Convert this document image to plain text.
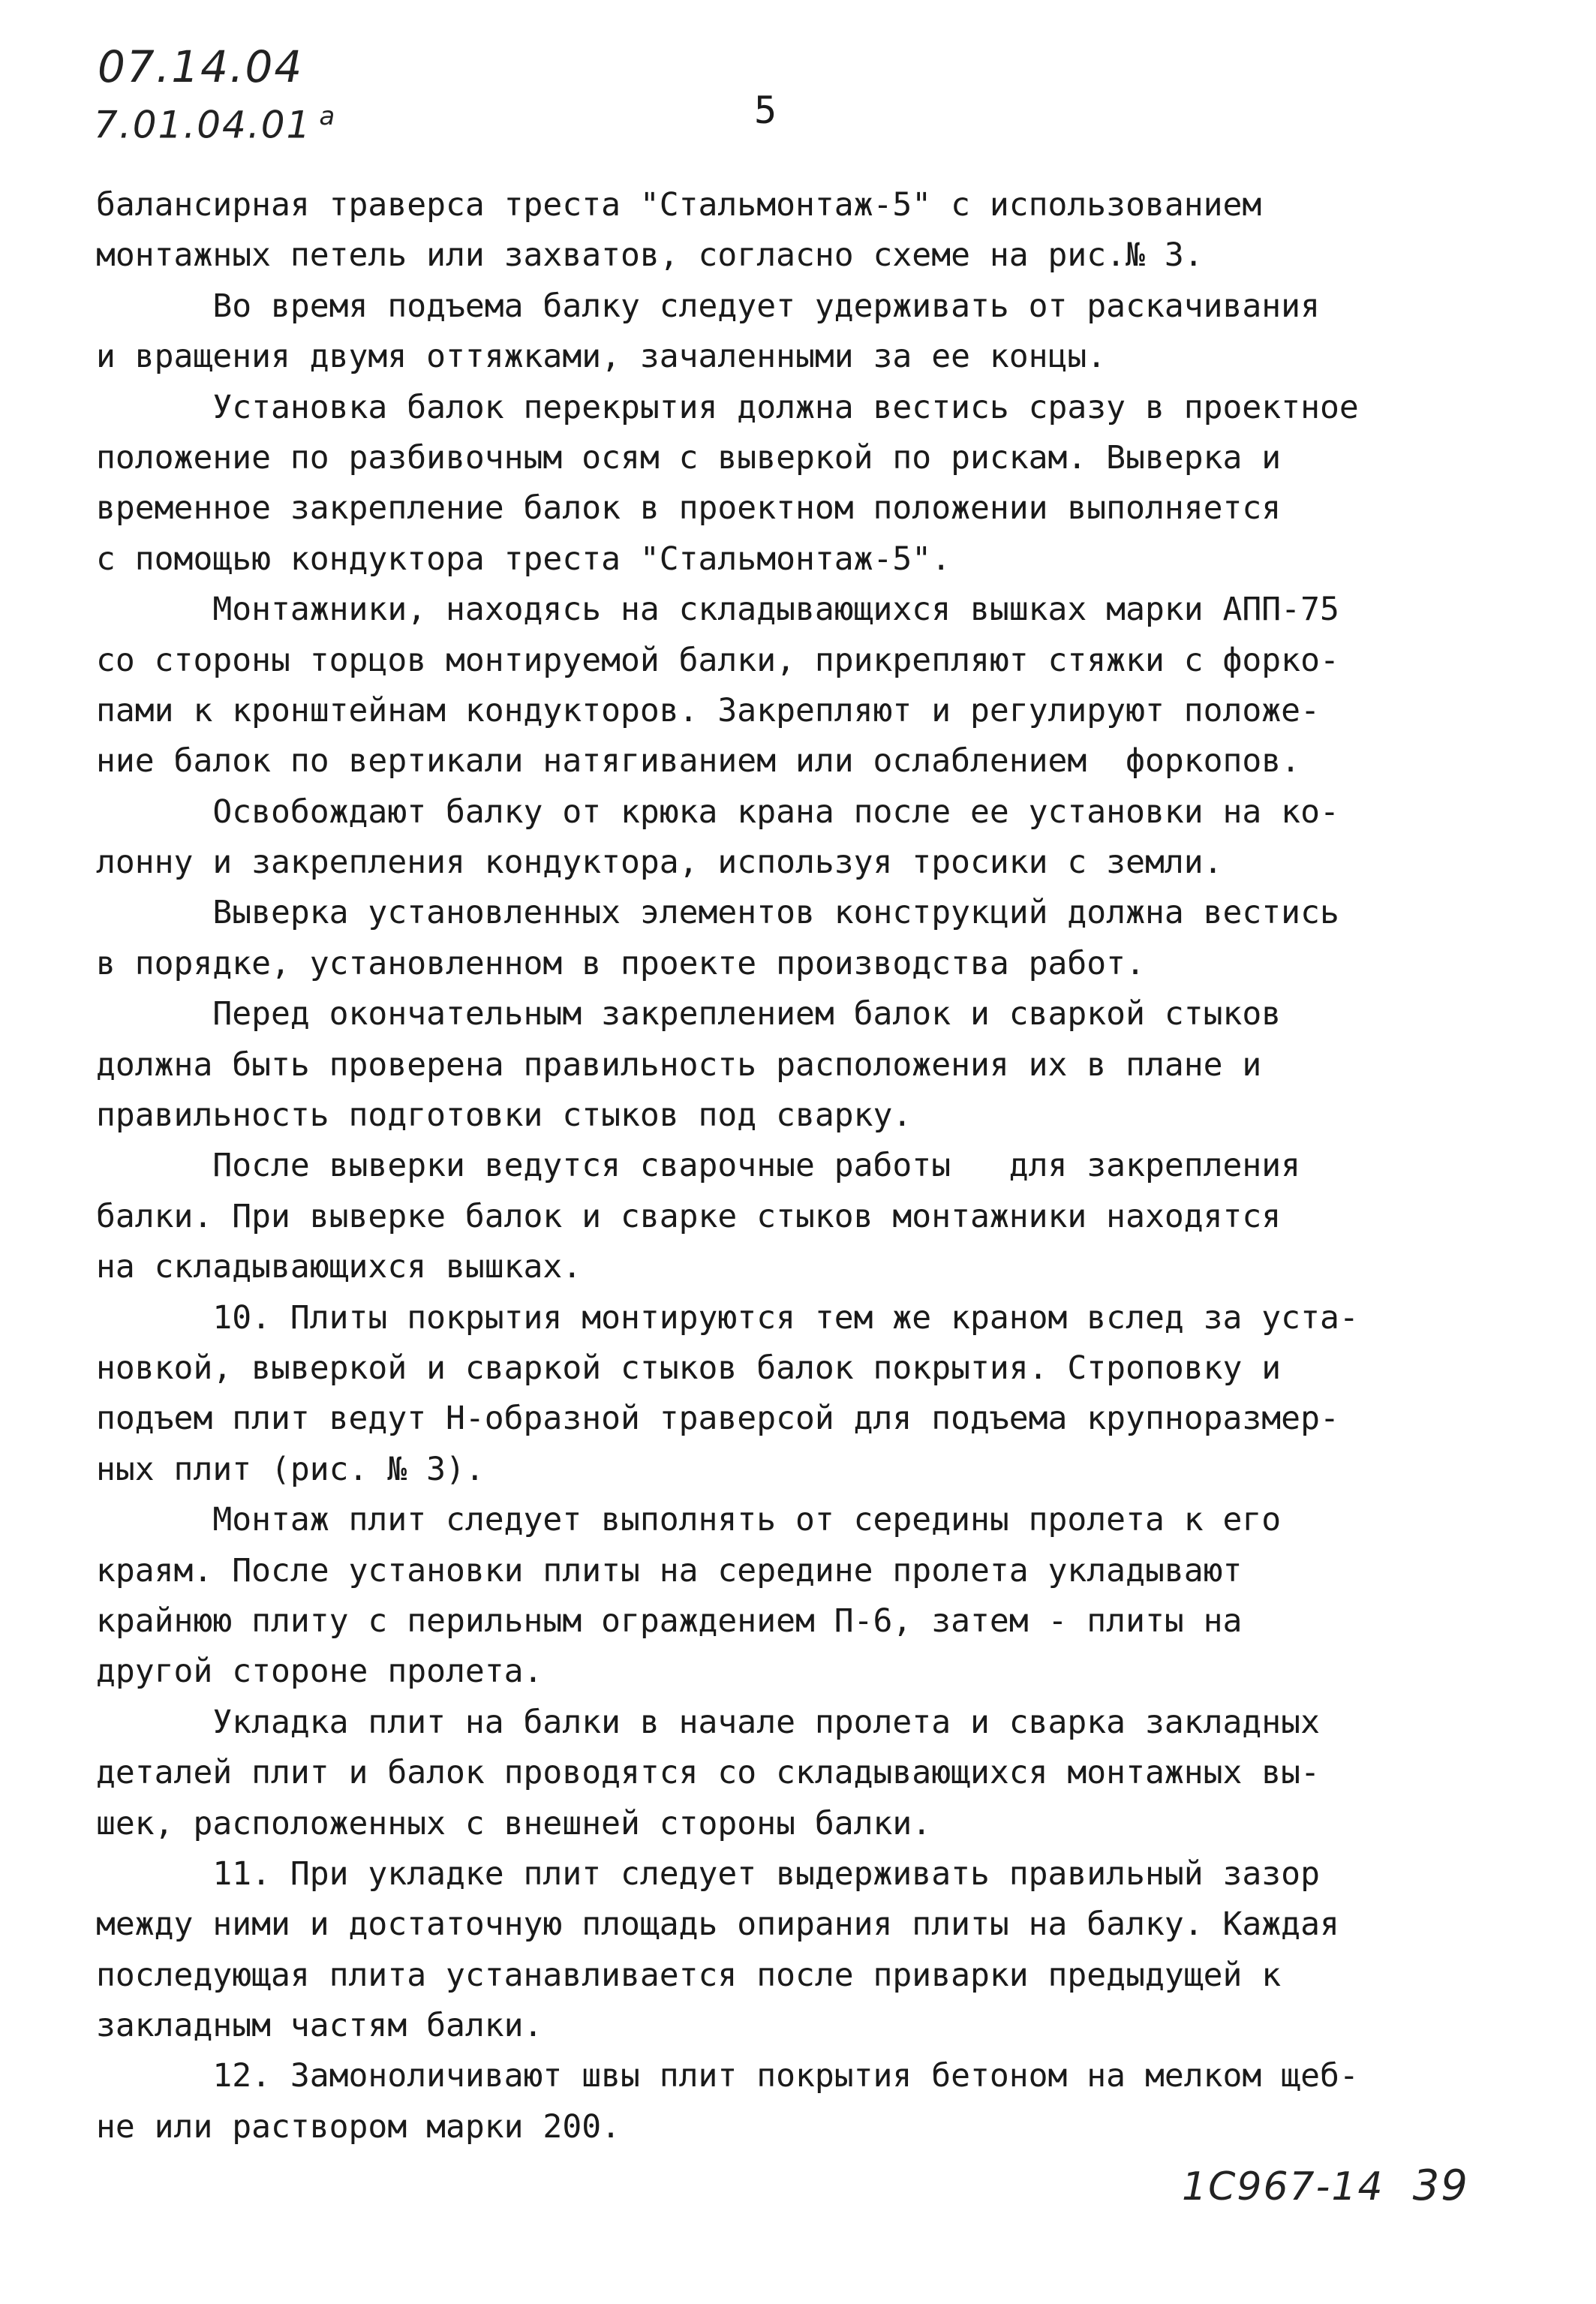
07.14.04
7.01.04.01 $^а$	5
балансирная траверса треста "Стальмонтаж-5" с использованием
монтажных петель или захватов, согласно схеме на рис.№ 3.
Во время подъема балку следует удерживать от раскачивания
и вращения двумя оттяжками, зачаленными за ее концы.
Установка балок перекрытия должна вестись сразу в проектное
положение по разбивочным осям с выверкой по рискам. Выверка и
временное закрепление балок в проектном положении выполняется
с помощью кондуктора треста "Стальмонтаж-5".
Монтажники, находясь на складывающихся вышках марки АПП-75
со стороны торцов монтируемой балки, прикрепляют стяжки с форко-
пами к кронштейнам кондукторов. Закрепляют и регулируют положе-
ние балок по вертикали натягиванием или ослаблением  форкопов.
Освобождают балку от крюка крана после ее установки на ко-
лонну и закрепления кондуктора, используя тросики с земли.
Выверка установленных элементов конструкций должна вестись
в порядке, установленном в проекте производства работ.
Перед окончательным закреплением балок и сваркой стыков
должна быть проверена правильность расположения их в плане и
правильность подготовки стыков под сварку.
После выверки ведутся сварочные работы   для закрепления
балки. При выверке балок и сварке стыков монтажники находятся
на складывающихся вышках.
10. Плиты покрытия монтируются тем же краном вслед за уста-
новкой, выверкой и сваркой стыков балок покрытия. Строповку и
подъем плит ведут Н-образной траверсой для подъема крупноразмер-
ных плит (рис. № 3).
Монтаж плит следует выполнять от середины пролета к его
краям. После установки плиты на середине пролета укладывают
крайнюю плиту с перильным ограждением П-6, затем - плиты на
другой стороне пролета.
Укладка плит на балки в начале пролета и сварка закладных
деталей плит и балок проводятся со складывающихся монтажных вы-
шек, расположенных с внешней стороны балки.
11. При укладке плит следует выдерживать правильный зазор
между ними и достаточную площадь опирания плиты на балку. Каждая
последующая плита устанавливается после приварки предыдущей к
закладным частям балки.
12. Замоноличивают швы плит покрытия бетоном на мелком щеб-
не или раствором марки 200.
1С967-14 39
